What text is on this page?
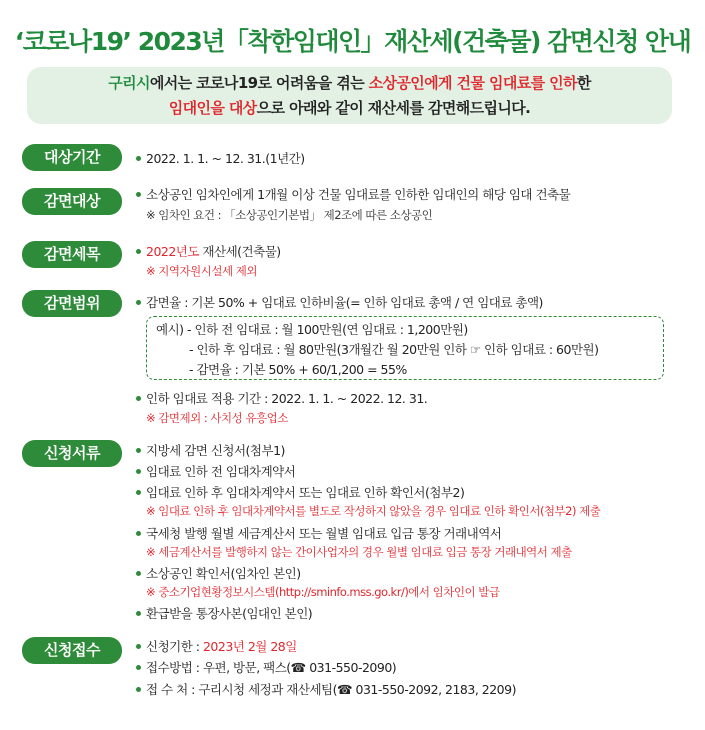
‘코로나19’ 2023년「착한임대인」재산세(건축물) 감면신청 안내
구리시에서는 코로나19로 어려움을 겪는 소상공인에게 건물 임대료를 인하한
임대인을 대상으로 아래와 같이 재산세를 감면해드립니다.
대상기간	2022. 1. 1. ~ 12. 31.(1년간)
감면대상	소상공인 임차인에게 1개월 이상 건물 임대료를 인하한 임대인의 해당 임대 건축물
※ 임차인 요건 : 「소상공인기본법」 제2조에 따른 소상공인
감면세목	2022년도 재산세(건축물)
※ 지역자원시설세 제외
감면범위	감면율 : 기본 50% + 임대료 인하비율(= 인하 임대료 총액 / 연 임대료 총액)
예시) - 인하 전 임대료 : 월 100만원(연 임대료 : 1,200만원)
- 인하 후 임대료 : 월 80만원(3개월간 월 20만원 인하 ☞ 인하 임대료 : 60만원)
- 감면율 : 기본 50% + 60/1,200 = 55%
인하 임대료 적용 기간 : 2022. 1. 1. ~ 2022. 12. 31.
※ 감면제외 : 사치성 유흥업소
신청서류	지방세 감면 신청서(첨부1)
임대료 인하 전 임대차계약서
임대료 인하 후 임대차계약서 또는 임대료 인하 확인서(첨부2)
※ 임대료 인하 후 임대차계약서를 별도로 작성하지 않았을 경우 임대료 인하 확인서(첨부2) 제출
국세청 발행 월별 세금계산서 또는 월별 임대료 입금 통장 거래내역서
※ 세금계산서를 발행하지 않는 간이사업자의 경우 월별 임대료 입금 통장 거래내역서 제출
소상공인 확인서(임차인 본인)
※ 중소기업현황정보시스템(http://sminfo.mss.go.kr/)에서 임차인이 발급
환급받을 통장사본(임대인 본인)
신청접수	신청기한 : 2023년 2월 28일
접수방법 : 우편, 방문, 팩스(☎ 031-550-2090)
접 수 처 : 구리시청 세정과 재산세팀(☎ 031-550-2092, 2183, 2209)
